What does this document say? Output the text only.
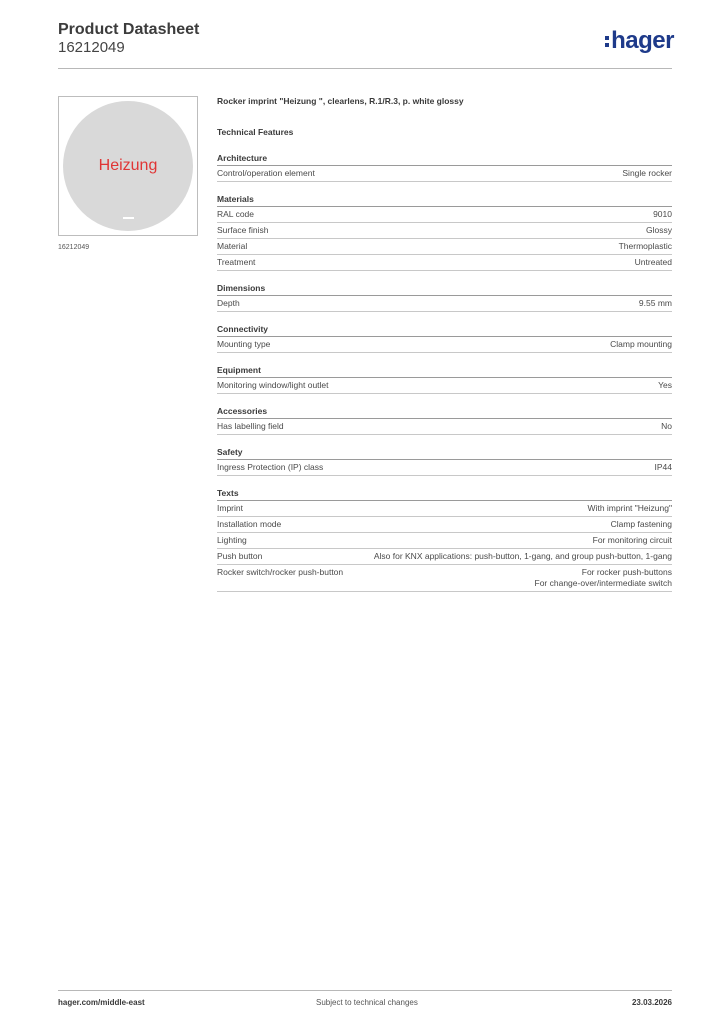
Product Datasheet
16212049	hager
Heizung
16212049
Rocker imprint "Heizung ", clearlens, R.1/R.3, p. white glossy
Technical Features
Architecture
Control/operation element	Single rocker
Materials
RAL code	9010
Surface finish	Glossy
Material	Thermoplastic
Treatment	Untreated
Dimensions
Depth	9.55 mm
Connectivity
Mounting type	Clamp mounting
Equipment
Monitoring window/light outlet	Yes
Accessories
Has labelling field	No
Safety
Ingress Protection (IP) class	IP44
Texts
Imprint	With imprint "Heizung"
Installation mode	Clamp fastening
Lighting	For monitoring circuit
Push button	Also for KNX applications: push-button, 1-gang, and group push-button, 1-gang
Rocker switch/rocker push-button	For rocker push-buttons
For change-over/intermediate switch
hager.com/middle-east	Subject to technical changes	23.03.2026
